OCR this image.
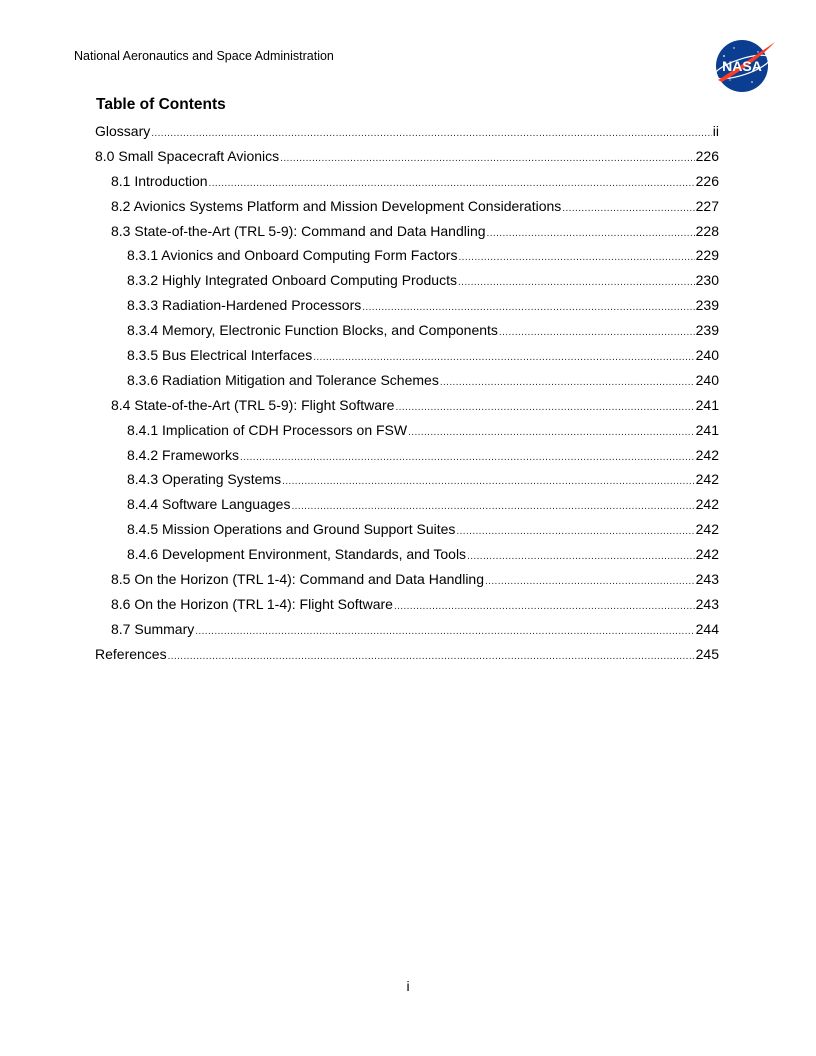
National Aeronautics and Space Administration
NASA
Table of Contents
Glossary .....	ii
8.0 Small Spacecraft Avionics .....	226
8.1 Introduction .....	226
8.2 Avionics Systems Platform and Mission Development Considerations .....	227
8.3 State-of-the-Art (TRL 5-9): Command and Data Handling .....	228
8.3.1 Avionics and Onboard Computing Form Factors .....	229
8.3.2 Highly Integrated Onboard Computing Products .....	230
8.3.3 Radiation-Hardened Processors .....	239
8.3.4 Memory, Electronic Function Blocks, and Components .....	239
8.3.5 Bus Electrical Interfaces .....	240
8.3.6 Radiation Mitigation and Tolerance Schemes .....	240
8.4 State-of-the-Art (TRL 5-9): Flight Software .....	241
8.4.1 Implication of CDH Processors on FSW .....	241
8.4.2 Frameworks .....	242
8.4.3 Operating Systems .....	242
8.4.4 Software Languages .....	242
8.4.5 Mission Operations and Ground Support Suites .....	242
8.4.6 Development Environment, Standards, and Tools .....	242
8.5 On the Horizon (TRL 1-4): Command and Data Handling .....	243
8.6 On the Horizon (TRL 1-4): Flight Software .....	243
8.7 Summary .....	244
References .....	245
i
